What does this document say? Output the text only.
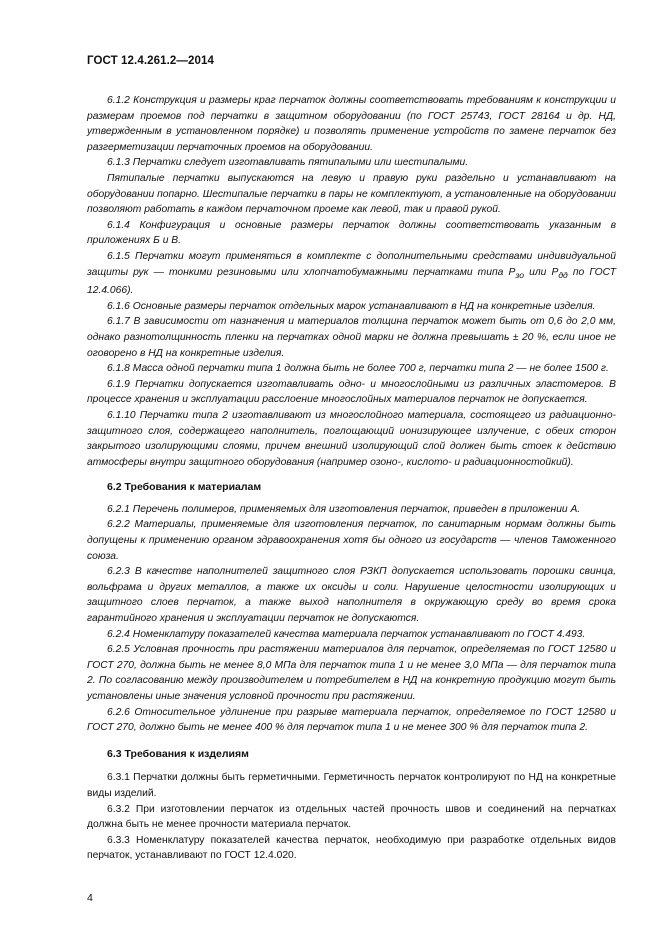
ГОСТ 12.4.261.2—2014

6.1.2 Конструкция и размеры краг перчаток должны соответствовать требованиям к конструкции и размерам проемов под перчатки в защитном оборудовании (по ГОСТ 25743, ГОСТ 28164 и др. НД, утвержденным в установленном порядке) и позволять применение устройств по замене перчаток без разгерметизации перчаточных проемов на оборудовании.

6.1.3 Перчатки следует изготавливать пятипалыми или шестипалыми.

Пятипалые перчатки выпускаются на левую и правую руки раздельно и устанавливают на оборудовании попарно. Шестипалые перчатки в пары не комплектуют, а установленные на оборудовании позволяют работать в каждом перчаточном проеме как левой, так и правой рукой.

6.1.4 Конфигурация и основные размеры перчаток должны соответствовать указанным в приложениях Б и В.

6.1.5 Перчатки могут применяться в комплекте с дополнительными средствами индивидуальной защиты рук — тонкими резиновыми или хлопчатобумажными перчатками типа $Р_{зо}$ или $Р_{дд}$ по ГОСТ 12.4.066).

6.1.6 Основные размеры перчаток отдельных марок устанавливают в НД на конкретные изделия.

6.1.7 В зависимости от назначения и материалов толщина перчаток может быть от 0,6 до 2,0 мм, однако разнотолщинность пленки на перчатках одной марки не должна превышать ± 20 %, если иное не оговорено в НД на конкретные изделия.

6.1.8 Масса одной перчатки типа 1 должна быть не более 700 г, перчатки типа 2 — не более 1500 г.

6.1.9 Перчатки допускается изготавливать одно- и многослойными из различных эластомеров. В процессе хранения и эксплуатации расслоение многослойных материалов перчаток не допускается.

6.1.10 Перчатки типа 2 изготавливают из многослойного материала, состоящего из радиационно-защитного слоя, содержащего наполнитель, поглощающий ионизирующее излучение, с обеих сторон закрытого изолирующими слоями, причем внешний изолирующий слой должен быть стоек к действию атмосферы внутри защитного оборудования (например озоно-, кислото- и радиационностойкий).

6.2 Требования к материалам

6.2.1 Перечень полимеров, применяемых для изготовления перчаток, приведен в приложении А.

6.2.2 Материалы, применяемые для изготовления перчаток, по санитарным нормам должны быть допущены к применению органом здравоохранения хотя бы одного из государств — членов Таможенного союза.

6.2.3 В качестве наполнителей защитного слоя РЗКП допускается использовать порошки свинца, вольфрама и других металлов, а также их оксиды и соли. Нарушение целостности изолирующих и защитного слоев перчаток, а также выход наполнителя в окружающую среду во время срока гарантийного хранения и эксплуатации перчаток не допускаются.

6.2.4 Номенклатуру показателей качества материала перчаток устанавливают по ГОСТ 4.493.

6.2.5 Условная прочность при растяжении материалов для перчаток, определяемая по ГОСТ 12580 и ГОСТ 270, должна быть не менее 8,0 МПа для перчаток типа 1 и не менее 3,0 МПа — для перчаток типа 2. По согласованию между производителем и потребителем в НД на конкретную продукцию могут быть установлены иные значения условной прочности при растяжении.

6.2.6 Относительное удлинение при разрыве материала перчаток, определяемое по ГОСТ 12580 и ГОСТ 270, должно быть не менее 400 % для перчаток типа 1 и не менее 300 % для перчаток типа 2.

6.3 Требования к изделиям

6.3.1 Перчатки должны быть герметичными. Герметичность перчаток контролируют по НД на конкретные виды изделий.

6.3.2 При изготовлении перчаток из отдельных частей прочность швов и соединений на перчатках должна быть не менее прочности материала перчаток.

6.3.3 Номенклатуру показателей качества перчаток, необходимую при разработке отдельных видов перчаток, устанавливают по ГОСТ 12.4.020.

4
